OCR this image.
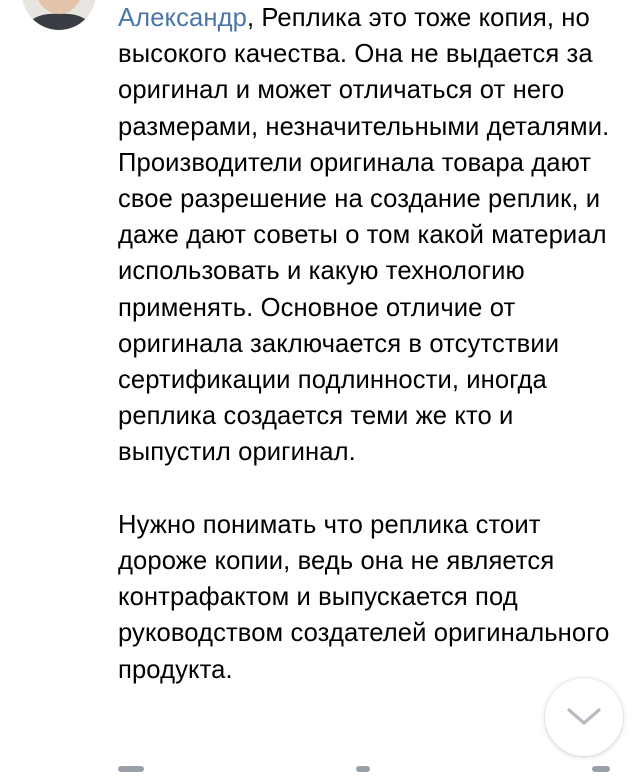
Александр, Реплика это тоже копия, но высокого качества. Она не выдается за оригинал и может отличаться от него размерами, незначительными деталями. Производители оригинала товара дают свое разрешение на создание реплик, и даже дают советы о том какой материал использовать и какую технологию применять. Основное отличие от оригинала заключается в отсутствии сертификации подлинности, иногда реплика создается теми же кто и выпустил оригинал.

Нужно понимать что реплика стоит дороже копии, ведь она не является контрафактом и выпускается под руководством создателей оригинального продукта.
